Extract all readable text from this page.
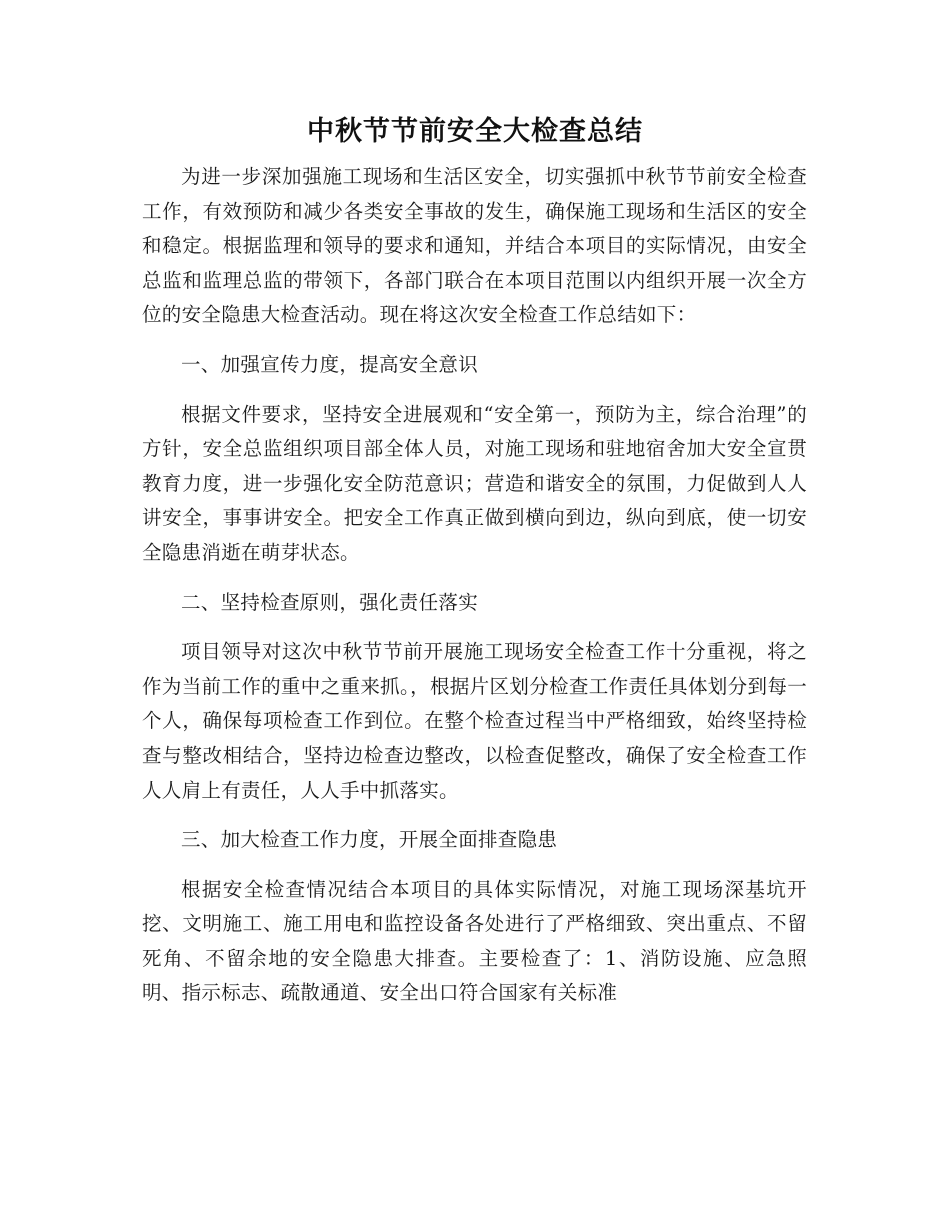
中秋节节前安全大检查总结

为进一步深加强施工现场和生活区安全，切实强抓中秋节节前安全检查工作，有效预防和减少各类安全事故的发生，确保施工现场和生活区的安全和稳定。根据监理和领导的要求和通知，并结合本项目的实际情况，由安全总监和监理总监的带领下，各部门联合在本项目范围以内组织开展一次全方位的安全隐患大检查活动。现在将这次安全检查工作总结如下：

一、加强宣传力度，提高安全意识

根据文件要求，坚持安全进展观和“安全第一，预防为主，综合治理”的方针，安全总监组织项目部全体人员，对施工现场和驻地宿舍加大安全宣贯教育力度，进一步强化安全防范意识；营造和谐安全的氛围，力促做到人人讲安全，事事讲安全。把安全工作真正做到横向到边，纵向到底，使一切安全隐患消逝在萌芽状态。

二、坚持检查原则，强化责任落实

项目领导对这次中秋节节前开展施工现场安全检查工作十分重视，将之作为当前工作的重中之重来抓。，根据片区划分检查工作责任具体划分到每一个人，确保每项检查工作到位。在整个检查过程当中严格细致，始终坚持检查与整改相结合，坚持边检查边整改，以检查促整改，确保了安全检查工作人人肩上有责任，人人手中抓落实。

三、加大检查工作力度，开展全面排查隐患

根据安全检查情况结合本项目的具体实际情况，对施工现场深基坑开挖、文明施工、施工用电和监控设备各处进行了严格细致、突出重点、不留死角、不留余地的安全隐患大排查。主要检查了：1、消防设施、应急照明、指示标志、疏散通道、安全出口符合国家有关标准
